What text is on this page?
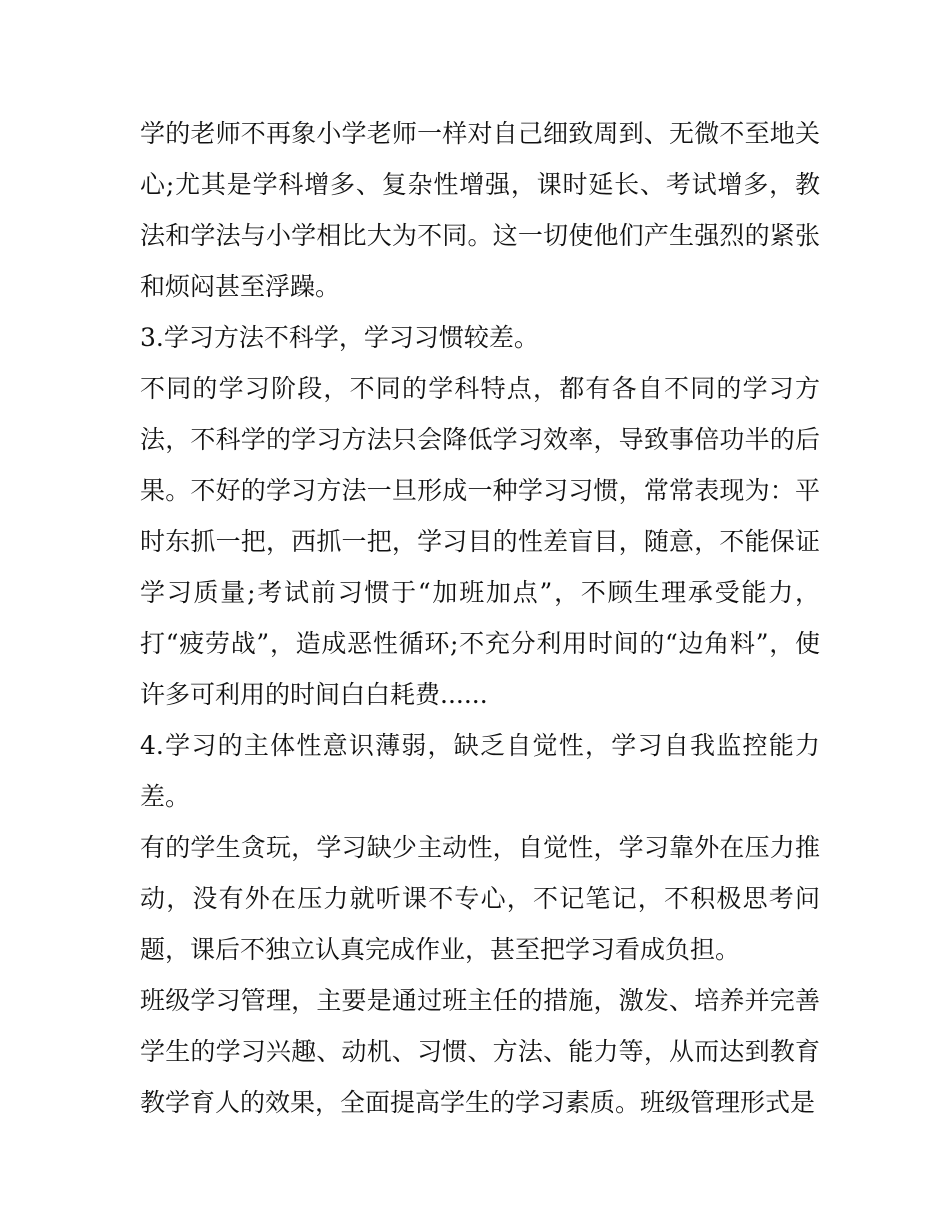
学的老师不再象小学老师一样对自己细致周到、无微不至地关心;尤其是学科增多、复杂性增强，课时延长、考试增多，教法和学法与小学相比大为不同。这一切使他们产生强烈的紧张和烦闷甚至浮躁。

3.学习方法不科学，学习习惯较差。

不同的学习阶段，不同的学科特点，都有各自不同的学习方法，不科学的学习方法只会降低学习效率，导致事倍功半的后果。不好的学习方法一旦形成一种学习习惯，常常表现为：平时东抓一把，西抓一把，学习目的性差盲目，随意，不能保证学习质量;考试前习惯于“加班加点”，不顾生理承受能力，打“疲劳战”，造成恶性循环;不充分利用时间的“边角料”，使许多可利用的时间白白耗费......

4.学习的主体性意识薄弱，缺乏自觉性，学习自我监控能力差。

有的学生贪玩，学习缺少主动性，自觉性，学习靠外在压力推动，没有外在压力就听课不专心，不记笔记，不积极思考问题，课后不独立认真完成作业，甚至把学习看成负担。

班级学习管理，主要是通过班主任的措施，激发、培养并完善学生的学习兴趣、动机、习惯、方法、能力等，从而达到教育教学育人的效果，全面提高学生的学习素质。班级管理形式是
